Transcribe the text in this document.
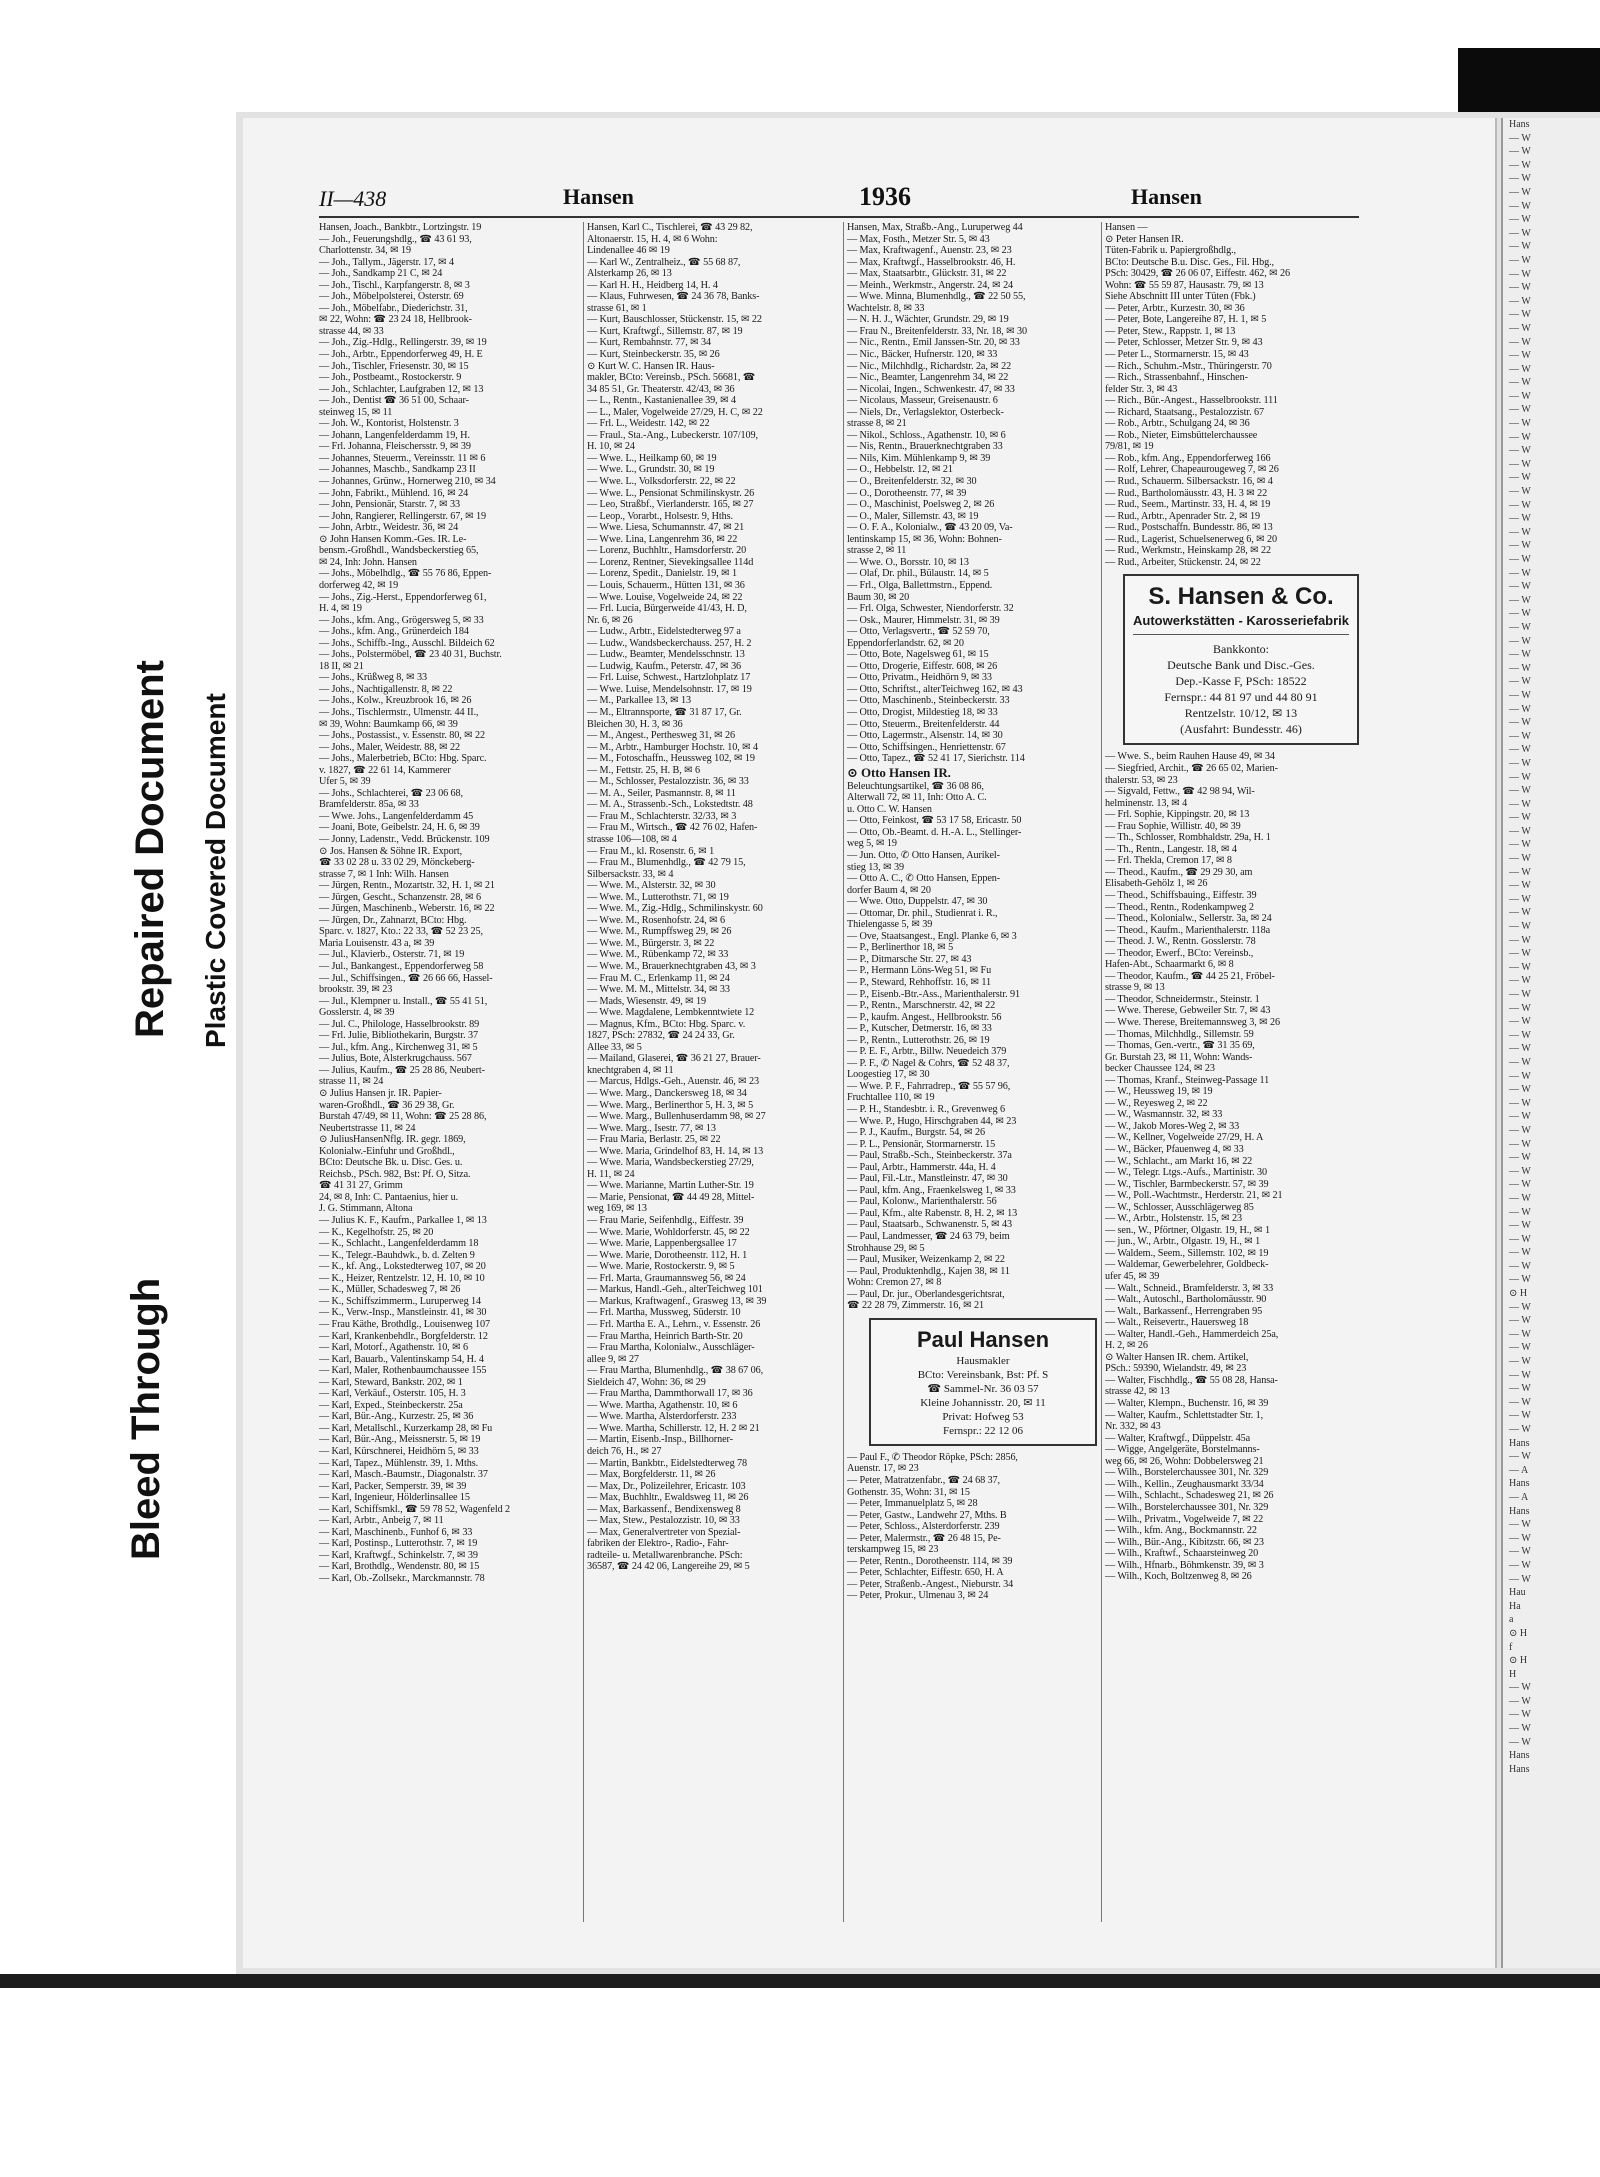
Bleed Through
Repaired Document Plastic Covered Document
II—438	Hansen	1936	Hansen
Hansen, Joach., Bankbtr., Lortzingstr. 19
— Joh., Feuerungshdlg., ☎ 43 61 93,
Charlottenstr. 34, ✉ 19
— Joh., Tallym., Jägerstr. 17, ✉ 4
— Joh., Sandkamp 21 C, ✉ 24
— Joh., Tischl., Karpfangerstr. 8, ✉ 3
— Joh., Möbelpolsterei, Osterstr. 69
— Joh., Möbelfabr., Diederichstr. 31,
✉ 22, Wohn: ☎ 23 24 18, Hellbrook-
strasse 44, ✉ 33
— Joh., Zig.-Hdlg., Rellingerstr. 39, ✉ 19
— Joh., Arbtr., Eppendorferweg 49, H. E
— Joh., Tischler, Friesenstr. 30, ✉ 15
— Joh., Postbeamt., Rostockerstr. 9
— Joh., Schlachter, Laufgraben 12, ✉ 13
— Joh., Dentist ☎ 36 51 00, Schaar-
steinweg 15, ✉ 11
— Joh. W., Kontorist, Holstenstr. 3
— Johann, Langenfelderdamm 19, H.
— Frl. Johanna, Fleischersstr. 9, ✉ 39
— Johannes, Steuerm., Vereinsstr. 11 ✉ 6
— Johannes, Maschb., Sandkamp 23 II
— Johannes, Grünw., Hornerweg 210, ✉ 34
— John, Fabrikt., Mühlend. 16, ✉ 24
— John, Pensionär, Starstr. 7, ✉ 33
— John, Rangierer, Rellingerstr. 67, ✉ 19
— John, Arbtr., Weidestr. 36, ✉ 24
⊙ John Hansen Komm.-Ges. IR. Le-
bensm.-Großhdl., Wandsbeckerstieg 65,
✉ 24, Inh: John. Hansen
— Johs., Möbelhdlg., ☎ 55 76 86, Eppen-
dorferweg 42, ✉ 19
— Johs., Zig.-Herst., Eppendorferweg 61,
H. 4, ✉ 19
— Johs., kfm. Ang., Grögersweg 5, ✉ 33
— Johs., kfm. Ang., Grünerdeich 184
— Johs., Schiffb.-Ing., Ausschl. Bildeich 62
— Johs., Polstermöbel, ☎ 23 40 31, Buchstr.
18 II, ✉ 21
— Johs., Krüßweg 8, ✉ 33
— Johs., Nachtigallenstr. 8, ✉ 22
— Johs., Kolw., Kreuzbrook 16, ✉ 26
— Johs., Tischlermstr., Ulmenstr. 44 II.,
✉ 39, Wohn: Baumkamp 66, ✉ 39
— Johs., Postassist., v. Essenstr. 80, ✉ 22
— Johs., Maler, Weidestr. 88, ✉ 22
— Johs., Malerbetrieb, BCto: Hbg. Sparc.
v. 1827, ☎ 22 61 14, Kammerer
Ufer 5, ✉ 39
— Johs., Schlachterei, ☎ 23 06 68,
Bramfelderstr. 85a, ✉ 33
— Wwe. Johs., Langenfelderdamm 45
— Joani, Bote, Geibelstr. 24, H. 6, ✉ 39
— Jonny, Ladenstr., Vedd. Brückenstr. 109
⊙ Jos. Hansen & Söhne IR. Export,
☎ 33 02 28 u. 33 02 29, Mönckeberg-
strasse 7, ✉ 1 Inh: Wilh. Hansen
— Jürgen, Rentn., Mozartstr. 32, H. 1, ✉ 21
— Jürgen, Gescht., Schanzenstr. 28, ✉ 6
— Jürgen, Maschinenb., Weberstr. 16, ✉ 22
— Jürgen, Dr., Zahnarzt, BCto: Hbg.
Sparc. v. 1827, Kto.: 22 33, ☎ 52 23 25,
Maria Louisenstr. 43 a, ✉ 39
— Jul., Klavierb., Osterstr. 71, ✉ 19
— Jul., Bankangest., Eppendorferweg 58
— Jul., Schiffsingen., ☎ 26 66 66, Hassel-
brookstr. 39, ✉ 23
— Jul., Klempner u. Install., ☎ 55 41 51,
Gosslerstr. 4, ✉ 39
— Jul. C., Philologe, Hasselbrookstr. 89
— Frl. Julie, Bibliothekarin, Burgstr. 37
— Jul., kfm. Ang., Kirchenweg 31, ✉ 5
— Julius, Bote, Alsterkrugchauss. 567
— Julius, Kaufm., ☎ 25 28 86, Neubert-
strasse 11, ✉ 24
⊙ Julius Hansen jr. IR. Papier-
waren-Großhdl., ☎ 36 29 38, Gr.
Burstah 47/49, ✉ 11, Wohn: ☎ 25 28 86,
Neubertstrasse 11, ✉ 24
⊙ JuliusHansenNflg. IR. gegr. 1869,
Kolonialw.-Einfuhr und Großhdl.,
BCto: Deutsche Bk. u. Disc. Ges. u.
Reichsb., PSch. 982, Bst: Pf. O, Sitza.
☎ 41 31 27, Grimm
24, ✉ 8, Inh: C. Pantaenius, hier u.
J. G. Stimmann, Altona
— Julius K. F., Kaufm., Parkallee 1, ✉ 13
— K., Kegelhofstr. 25, ✉ 20
— K., Schlacht., Langenfelderdamm 18
— K., Telegr.-Bauhdwk., b. d. Zelten 9
— K., kf. Ang., Lokstedterweg 107, ✉ 20
— K., Heizer, Rentzelstr. 12, H. 10, ✉ 10
— K., Müller, Schadesweg 7, ✉ 26
— K., Schiffszimmerm., Luruperweg 14
— K., Verw.-Insp., Manstleinstr. 41, ✉ 30
— Frau Käthe, Brothdlg., Louisenweg 107
— Karl, Krankenbehdlr., Borgfelderstr. 12
— Karl, Motorf., Agathenstr. 10, ✉ 6
— Karl, Bauarb., Valentinskamp 54, H. 4
— Karl, Maler, Rothenbaumchaussee 155
— Karl, Steward, Bankstr. 202, ✉ 1
— Karl, Verkäuf., Osterstr. 105, H. 3
— Karl, Exped., Steinbeckerstr. 25a
— Karl, Bür.-Ang., Kurzestr. 25, ✉ 36
— Karl, Metallschl., Kurzerkamp 28, ✉ Fu
— Karl, Bür.-Ang., Meissnerstr. 5, ✉ 19
— Karl, Kürschnerei, Heidhörn 5, ✉ 33
— Karl, Tapez., Mühlenstr. 39, 1. Mths.
— Karl, Masch.-Baumstr., Diagonalstr. 37
— Karl, Packer, Semperstr. 39, ✉ 39
— Karl, Ingenieur, Hölderlinsallee 15
— Karl, Schiffsmkl., ☎ 59 78 52, Wagenfeld 2
— Karl, Arbtr., Anbeig 7, ✉ 11
— Karl, Maschinenb., Funhof 6, ✉ 33
— Karl, Postinsp., Lutterothstr. 7, ✉ 19
— Karl, Kraftwgf., Schinkelstr. 7, ✉ 39
— Karl, Brothdlg., Wendenstr. 80, ✉ 15
— Karl, Ob.-Zollsekr., Marckmannstr. 78
Hansen, Karl C., Tischlerei, ☎ 43 29 82,
Altonaerstr. 15, H. 4, ✉ 6 Wohn:
Lindenallee 46 ✉ 19
— Karl W., Zentralheiz., ☎ 55 68 87,
Alsterkamp 26, ✉ 13
— Karl H. H., Heidberg 14, H. 4
— Klaus, Fuhrwesen, ☎ 24 36 78, Banks-
strasse 61, ✉ 1
— Kurt, Bauschlosser, Stückenstr. 15, ✉ 22
— Kurt, Kraftwgf., Sillemstr. 87, ✉ 19
— Kurt, Rembahnstr. 77, ✉ 34
— Kurt, Steinbeckerstr. 35, ✉ 26
⊙ Kurt W. C. Hansen IR. Haus-
makler, BCto: Vereinsb., PSch. 56681, ☎
34 85 51, Gr. Theaterstr. 42/43, ✉ 36
— L., Rentn., Kastanienallee 39, ✉ 4
— L., Maler, Vogelweide 27/29, H. C, ✉ 22
— Frl. L., Weidestr. 142, ✉ 22
— Fraul., Sta.-Ang., Lubeckerstr. 107/109,
H. 10, ✉ 24
— Wwe. L., Heilkamp 60, ✉ 19
— Wwe. L., Grundstr. 30, ✉ 19
— Wwe. L., Volksdorferstr. 22, ✉ 22
— Wwe. L., Pensionat Schmilinskystr. 26
— Leo, Straßbf., Vierlanderstr. 165, ✉ 27
— Leop., Vorarbt., Holsestr. 9, Hths.
— Wwe. Liesa, Schumannstr. 47, ✉ 21
— Wwe. Lina, Langenrehm 36, ✉ 22
— Lorenz, Buchhltr., Hamsdorferstr. 20
— Lorenz, Rentner, Sievekingsallee 114d
— Lorenz, Spedit., Danielstr. 19, ✉ 1
— Louis, Schauerm., Hütten 131, ✉ 36
— Wwe. Louise, Vogelweide 24, ✉ 22
— Frl. Lucia, Bürgerweide 41/43, H. D,
Nr. 6, ✉ 26
— Ludw., Arbtr., Eidelstedterweg 97 a
— Ludw., Wandsbeckerchauss. 257, H. 2
— Ludw., Beamter, Mendelsschnstr. 13
— Ludwig, Kaufm., Peterstr. 47, ✉ 36
— Frl. Luise, Schwest., Hartzlohplatz 17
— Wwe. Luise, Mendelsohnstr. 17, ✉ 19
— M., Parkallee 13, ✉ 13
— M., Eltrannsporte, ☎ 31 87 17, Gr.
Bleichen 30, H. 3, ✉ 36
— M., Angest., Perthesweg 31, ✉ 26
— M., Arbtr., Hamburger Hochstr. 10, ✉ 4
— M., Fotoschaffn., Heussweg 102, ✉ 19
— M., Fettstr. 25, H. B, ✉ 6
— M., Schlosser, Pestalozzistr. 36, ✉ 33
— M. A., Seiler, Pasmannstr. 8, ✉ 11
— M. A., Strassenb.-Sch., Lokstedtstr. 48
— Frau M., Schlachterstr. 32/33, ✉ 3
— Frau M., Wirtsch., ☎ 42 76 02, Hafen-
strasse 106—108, ✉ 4
— Frau M., kl. Rosenstr. 6, ✉ 1
— Frau M., Blumenhdlg., ☎ 42 79 15,
Silbersackstr. 33, ✉ 4
— Wwe. M., Alsterstr. 32, ✉ 30
— Wwe. M., Lutterothstr. 71, ✉ 19
— Wwe. M., Zig.-Hdlg., Schmilinskystr. 60
— Wwe. M., Rosenhofstr. 24, ✉ 6
— Wwe. M., Rumpffsweg 29, ✉ 26
— Wwe. M., Bürgerstr. 3, ✉ 22
— Wwe. M., Rübenkamp 72, ✉ 33
— Wwe. M., Brauerknechtgraben 43, ✉ 3
— Frau M. C., Erlenkamp 11, ✉ 24
— Wwe. M. M., Mittelstr. 34, ✉ 33
— Mads, Wiesenstr. 49, ✉ 19
— Wwe. Magdalene, Lembkenntwiete 12
— Magnus, Kfm., BCto: Hbg. Sparc. v.
1827, PSch: 27832, ☎ 24 24 33, Gr.
Allee 33, ✉ 5
— Mailand, Glaserei, ☎ 36 21 27, Brauer-
knechtgraben 4, ✉ 11
— Marcus, Hdlgs.-Geh., Auenstr. 46, ✉ 23
— Wwe. Marg., Danckersweg 18, ✉ 34
— Wwe. Marg., Berlinerthor 5, H. 3, ✉ 5
— Wwe. Marg., Bullenhuserdamm 98, ✉ 27
— Wwe. Marg., Isestr. 77, ✉ 13
— Frau Maria, Berlastr. 25, ✉ 22
— Wwe. Maria, Grindelhof 83, H. 14, ✉ 13
— Wwe. Maria, Wandsbeckerstieg 27/29,
H. 11, ✉ 24
— Wwe. Marianne, Martin Luther-Str. 19
— Marie, Pensionat, ☎ 44 49 28, Mittel-
weg 169, ✉ 13
— Frau Marie, Seifenhdlg., Eiffestr. 39
— Wwe. Marie, Wohldorferstr. 45, ✉ 22
— Wwe. Marie, Lappenbergsallee 17
— Wwe. Marie, Dorotheenstr. 112, H. 1
— Wwe. Marie, Rostockerstr. 9, ✉ 5
— Frl. Marta, Graumannsweg 56, ✉ 24
— Markus, Handl.-Geh., alterTeichweg 101
— Markus, Kraftwagenf., Grasweg 13, ✉ 39
— Frl. Martha, Mussweg, Süderstr. 10
— Frl. Martha E. A., Lehrn., v. Essenstr. 26
— Frau Martha, Heinrich Barth-Str. 20
— Frau Martha, Kolonialw., Ausschläger-
allee 9, ✉ 27
— Frau Martha, Blumenhdlg., ☎ 38 67 06,
Sieldeich 47, Wohn: 36, ✉ 29
— Frau Martha, Dammthorwall 17, ✉ 36
— Wwe. Martha, Agathenstr. 10, ✉ 6
— Wwe. Martha, Alsterdorferstr. 233
— Wwe. Martha, Schillerstr. 12, H. 2 ✉ 21
— Martin, Eisenb.-Insp., Billhorner-
deich 76, H., ✉ 27
— Martin, Bankbtr., Eidelstedterweg 78
— Max, Borgfelderstr. 11, ✉ 26
— Max, Dr., Polizeilehrer, Ericastr. 103
— Max, Buchhltr., Ewaldsweg 11, ✉ 26
— Max, Barkassenf., Bendixensweg 8
— Max, Stew., Pestalozzistr. 10, ✉ 33
— Max, Generalvertreter von Spezial-
fabriken der Elektro-, Radio-, Fahr-
radteile- u. Metallwarenbranche. PSch:
36587, ☎ 24 42 06, Langereihe 29, ✉ 5
Hansen, Max, Straßb.-Ang., Luruperweg 44
— Max, Fosth., Metzer Str. 5, ✉ 43
— Max, Kraftwagenf., Auenstr. 23, ✉ 23
— Max, Kraftwgf., Hasselbrookstr. 46, H.
— Max, Staatsarbtr., Glückstr. 31, ✉ 22
— Meinh., Werkmstr., Angerstr. 24, ✉ 24
— Wwe. Minna, Blumenhdlg., ☎ 22 50 55,
Wachtelstr. 8, ✉ 33
— N. H. J., Wächter, Grundstr. 29, ✉ 19
— Frau N., Breitenfelderstr. 33, Nr. 18, ✉ 30
— Nic., Rentn., Emil Janssen-Str. 20, ✉ 33
— Nic., Bäcker, Hufnerstr. 120, ✉ 33
— Nic., Milchhdlg., Richardstr. 2a, ✉ 22
— Nic., Beamter, Langenrehm 34, ✉ 22
— Nicolai, Ingen., Schwenkestr. 47, ✉ 33
— Nicolaus, Masseur, Greisenaustr. 6
— Niels, Dr., Verlagslektor, Osterbeck-
strasse 8, ✉ 21
— Nikol., Schloss., Agathenstr. 10, ✉ 6
— Nis, Rentn., Brauerknechtgraben 33
— Nils, Kim. Mühlenkamp 9, ✉ 39
— O., Hebbelstr. 12, ✉ 21
— O., Breitenfelderstr. 32, ✉ 30
— O., Dorotheenstr. 77, ✉ 39
— O., Maschinist, Poelsweg 2, ✉ 26
— O., Maler, Sillemstr. 43, ✉ 19
— O. F. A., Kolonialw., ☎ 43 20 09, Va-
lentinskamp 15, ✉ 36, Wohn: Bohnen-
strasse 2, ✉ 11
— Wwe. O., Borsstr. 10, ✉ 13
— Olaf, Dr. phil., Bülaustr. 14, ✉ 5
— Frl., Olga, Ballettmstrn., Eppend.
Baum 30, ✉ 20
— Frl. Olga, Schwester, Niendorferstr. 32
— Osk., Maurer, Himmelstr. 31, ✉ 39
— Otto, Verlagsvertr., ☎ 52 59 70,
Eppendorferlandstr. 62, ✉ 20
— Otto, Bote, Nagelsweg 61, ✉ 15
— Otto, Drogerie, Eiffestr. 608, ✉ 26
— Otto, Privatm., Heidhörn 9, ✉ 33
— Otto, Schriftst., alterTeichweg 162, ✉ 43
— Otto, Maschinenb., Steinbeckerstr. 33
— Otto, Drogist, Mildestieg 18, ✉ 33
— Otto, Steuerm., Breitenfelderstr. 44
— Otto, Lagermstr., Alsenstr. 14, ✉ 30
— Otto, Schiffsingen., Henriettenstr. 67
— Otto, Tapez., ☎ 52 41 17, Sierichstr. 114
⊙ Otto Hansen IR.
Beleuchtungsartikel, ☎ 36 08 86,
Alterwall 72, ✉ 11, Inh: Otto A. C.
u. Otto C. W. Hansen
— Otto, Feinkost, ☎ 53 17 58, Ericastr. 50
— Otto, Ob.-Beamt. d. H.-A. L., Stellinger-
weg 5, ✉ 19
— Jun. Otto, ✆ Otto Hansen, Aurikel-
stieg 13, ✉ 39
— Otto A. C., ✆ Otto Hansen, Eppen-
dorfer Baum 4, ✉ 20
— Wwe. Otto, Duppelstr. 47, ✉ 30
— Ottomar, Dr. phil., Studienrat i. R.,
Thielengasse 5, ✉ 39
— Ove, Staatsangest., Engl. Planke 6, ✉ 3
— P., Berlinerthor 18, ✉ 5
— P., Ditmarsche Str. 27, ✉ 43
— P., Hermann Löns-Weg 51, ✉ Fu
— P., Steward, Rehhoffstr. 16, ✉ 11
— P., Eisenb.-Btr.-Ass., Marienthalerstr. 91
— P., Rentn., Marschnerstr. 42, ✉ 22
— P., kaufm. Angest., Hellbrookstr. 56
— P., Kutscher, Detmerstr. 16, ✉ 33
— P., Rentn., Lutterothstr. 26, ✉ 19
— P. E. F., Arbtr., Billw. Neuedeich 379
— P. F., ✆ Nagel & Cohrs, ☎ 52 48 37,
Loogestieg 17, ✉ 30
— Wwe. P. F., Fahrradrep., ☎ 55 57 96,
Fruchtallee 110, ✉ 19
— P. H., Standesbtr. i. R., Grevenweg 6
— Wwe. P., Hugo, Hirschgraben 44, ✉ 23
— P. J., Kaufm., Burgstr. 54, ✉ 26
— P. L., Pensionär, Stormarnerstr. 15
— Paul, Straßb.-Sch., Steinbeckerstr. 37a
— Paul, Arbtr., Hammerstr. 44a, H. 4
— Paul, Fil.-Ltr., Manstleinstr. 47, ✉ 30
— Paul, kfm. Ang., Fraenkelsweg 1, ✉ 33
— Paul, Kolonw., Marienthalerstr. 56
— Paul, Kfm., alte Rabenstr. 8, H. 2, ✉ 13
— Paul, Staatsarb., Schwanenstr. 5, ✉ 43
— Paul, Landmesser, ☎ 24 63 79, beim
Strohhause 29, ✉ 5
— Paul, Musiker, Weizenkamp 2, ✉ 22
— Paul, Produktenhdlg., Kajen 38, ✉ 11
Wohn: Cremon 27, ✉ 8
— Paul, Dr. jur., Oberlandesgerichtsrat,
☎ 22 28 79, Zimmerstr. 16, ✉ 21
Paul Hansen
Hausmakler
BCto: Vereinsbank, Bst: Pf. S
☎ Sammel-Nr. 36 03 57
Kleine Johannisstr. 20, ✉ 11
Privat: Hofweg 53
Fernspr.: 22 12 06
— Paul F., ✆ Theodor Röpke, PSch: 2856,
Auenstr. 17, ✉ 23
— Peter, Matratzenfabr., ☎ 24 68 37,
Gothenstr. 35, Wohn: 31, ✉ 15
— Peter, Immanuelplatz 5, ✉ 28
— Peter, Gastw., Landwehr 27, Mths. B
— Peter, Schloss., Alsterdorferstr. 239
— Peter, Malermstr., ☎ 26 48 15, Pe-
terskampweg 15, ✉ 23
— Peter, Rentn., Dorotheenstr. 114, ✉ 39
— Peter, Schlachter, Eiffestr. 650, H. A
— Peter, Straßenb.-Angest., Nieburstr. 34
— Peter, Prokur., Ulmenau 3, ✉ 24
Hansen —
⊙ Peter Hansen IR.
Tüten-Fabrik u. Papiergroßhdlg.,
BCto: Deutsche B.u. Disc. Ges., Fil. Hbg.,
PSch: 30429, ☎ 26 06 07, Eiffestr. 462, ✉ 26
Wohn: ☎ 55 59 87, Hausastr. 79, ✉ 13
Siehe Abschnitt III unter Tüten (Fbk.)
— Peter, Arbtr., Kurzestr. 30, ✉ 36
— Peter, Bote, Langereihe 87, H. 1, ✉ 5
— Peter, Stew., Rappstr. 1, ✉ 13
— Peter, Schlosser, Metzer Str. 9, ✉ 43
— Peter L., Stormarnerstr. 15, ✉ 43
— Rich., Schuhm.-Mstr., Thüringerstr. 70
— Rich., Strassenbahnf., Hinschen-
felder Str. 3, ✉ 43
— Rich., Bür.-Angest., Hasselbrookstr. 111
— Richard, Staatsang., Pestalozzistr. 67
— Rob., Arbtr., Schulgang 24, ✉ 36
— Rob., Nieter, Eimsbüttelerchaussee
79/81, ✉ 19
— Rob., kfm. Ang., Eppendorferweg 166
— Rolf, Lehrer, Chapeaurougeweg 7, ✉ 26
— Rud., Schauerm. Silbersackstr. 16, ✉ 4
— Rud., Bartholomäusstr. 43, H. 3 ✉ 22
— Rud., Seem., Martinstr. 33, H. 4, ✉ 19
— Rud., Arbtr., Apenrader Str. 2, ✉ 19
— Rud., Postschaffn. Bundesstr. 86, ✉ 13
— Rud., Lagerist, Schuelsenerweg 6, ✉ 20
— Rud., Werkmstr., Heinskamp 28, ✉ 22
— Rud., Arbeiter, Stückenstr. 24, ✉ 22
S. Hansen & Co.
Autowerkstätten - Karosseriefabrik
Bankkonto:
Deutsche Bank und Disc.-Ges.
Dep.-Kasse F, PSch: 18522
Fernspr.: 44 81 97 und 44 80 91
Rentzelstr. 10/12, ✉ 13
(Ausfahrt: Bundesstr. 46)
— Wwe. S., beim Rauhen Hause 49, ✉ 34
— Siegfried, Archit., ☎ 26 65 02, Marien-
thalerstr. 53, ✉ 23
— Sigvald, Fettw., ☎ 42 98 94, Wil-
helminenstr. 13, ✉ 4
— Frl. Sophie, Kippingstr. 20, ✉ 13
— Frau Sophie, Willistr. 40, ✉ 39
— Th., Schlosser, Rombhaldstr. 29a, H. 1
— Th., Rentn., Langestr. 18, ✉ 4
— Frl. Thekla, Cremon 17, ✉ 8
— Theod., Kaufm., ☎ 29 29 30, am
Elisabeth-Gehölz 1, ✉ 26
— Theod., Schiffsbauing., Eiffestr. 39
— Theod., Rentn., Rodenkampweg 2
— Theod., Kolonialw., Sellerstr. 3a, ✉ 24
— Theod., Kaufm., Marienthalerstr. 118a
— Theod. J. W., Rentn. Gosslerstr. 78
— Theodor, Ewerf., BCto: Vereinsb.,
Hafen-Abt., Schaarmarkt 6, ✉ 8
— Theodor, Kaufm., ☎ 44 25 21, Fröbel-
strasse 9, ✉ 13
— Theodor, Schneidermstr., Steinstr. 1
— Wwe. Therese, Gebweiler Str. 7, ✉ 43
— Wwe. Therese, Breitemannsweg 3, ✉ 26
— Thomas, Milchhdlg., Sillemstr. 59
— Thomas, Gen.-vertr., ☎ 31 35 69,
Gr. Burstah 23, ✉ 11, Wohn: Wands-
becker Chaussee 124, ✉ 23
— Thomas, Kranf., Steinweg-Passage 11
— W., Heussweg 19, ✉ 19
— W., Reyesweg 2, ✉ 22
— W., Wasmannstr. 32, ✉ 33
— W., Jakob Mores-Weg 2, ✉ 33
— W., Kellner, Vogelweide 27/29, H. A
— W., Bäcker, Pfauenweg 4, ✉ 33
— W., Schlacht., am Markt 16, ✉ 22
— W., Telegr. Ltgs.-Aufs., Martinistr. 30
— W., Tischler, Barmbeckerstr. 57, ✉ 39
— W., Poll.-Wachtmstr., Herderstr. 21, ✉ 21
— W., Schlosser, Ausschlägerweg 85
— W., Arbtr., Holstenstr. 15, ✉ 23
— sen., W., Pförtner, Olgastr. 19, H., ✉ 1
— jun., W., Arbtr., Olgastr. 19, H., ✉ 1
— Waldem., Seem., Sillemstr. 102, ✉ 19
— Waldemar, Gewerbelehrer, Goldbeck-
ufer 45, ✉ 39
— Walt., Schneid., Bramfelderstr. 3, ✉ 33
— Walt., Autoschl., Bartholomäusstr. 90
— Walt., Barkassenf., Herrengraben 95
— Walt., Reisevertr., Hauersweg 18
— Walter, Handl.-Geh., Hammerdeich 25a,
H. 2, ✉ 26
⊙ Walter Hansen IR. chem. Artikel,
PSch.: 59390, Wielandstr. 49, ✉ 23
— Walter, Fischhdlg., ☎ 55 08 28, Hansa-
strasse 42, ✉ 13
— Walter, Klempn., Buchenstr. 16, ✉ 39
— Walter, Kaufm., Schlettstadter Str. 1,
Nr. 332, ✉ 43
— Walter, Kraftwgf., Düppelstr. 45a
— Wigge, Angelgeräte, Borstelmanns-
weg 66, ✉ 26, Wohn: Dobbelersweg 21
— Wilh., Borstelerchaussee 301, Nr. 329
— Wilh., Kellin., Zeughausmarkt 33/34
— Wilh., Schlacht., Schadesweg 21, ✉ 26
— Wilh., Borstelerchaussee 301, Nr. 329
— Wilh., Privatm., Vogelweide 7, ✉ 22
— Wilh., kfm. Ang., Bockmannstr. 22
— Wilh., Bür.-Ang., Kibitzstr. 66, ✉ 23
— Wilh., Kraftwf., Schaarsteinweg 20
— Wilh., Hfnarb., Böhmkenstr. 39, ✉ 3
— Wilh., Koch, Boltzenweg 8, ✉ 26
Hans
— W
— W
— W
— W
— W
— W
— W
— W
— W
— W
— W
— W
— W
— W
— W
— W
— W
— W
— W
— W
— W
— W
— W
— W
— W
— W
— W
— W
— W
— W
— W
— W
— W
— W
— W
— W
— W
— W
— W
— W
— W
— W
— W
— W
— W
— W
— W
— W
— W
— W
— W
— W
— W
— W
— W
— W
— W
— W
— W
— W
— W
— W
— W
— W
— W
— W
— W
— W
— W
— W
— W
— W
— W
— W
— W
— W
— W
— W
— W
— W
— W
— W
— W
— W
— W
⊙ H
— W
— W
— W
— W
— W
— W
— W
— W
— W
— W
Hans
— W
— A
Hans
— A
Hans
— W
— W
— W
— W
— W
Hau
Ha
a
⊙ H
f
⊙ H
H
— W
— W
— W
— W
— W
Hans
Hans
